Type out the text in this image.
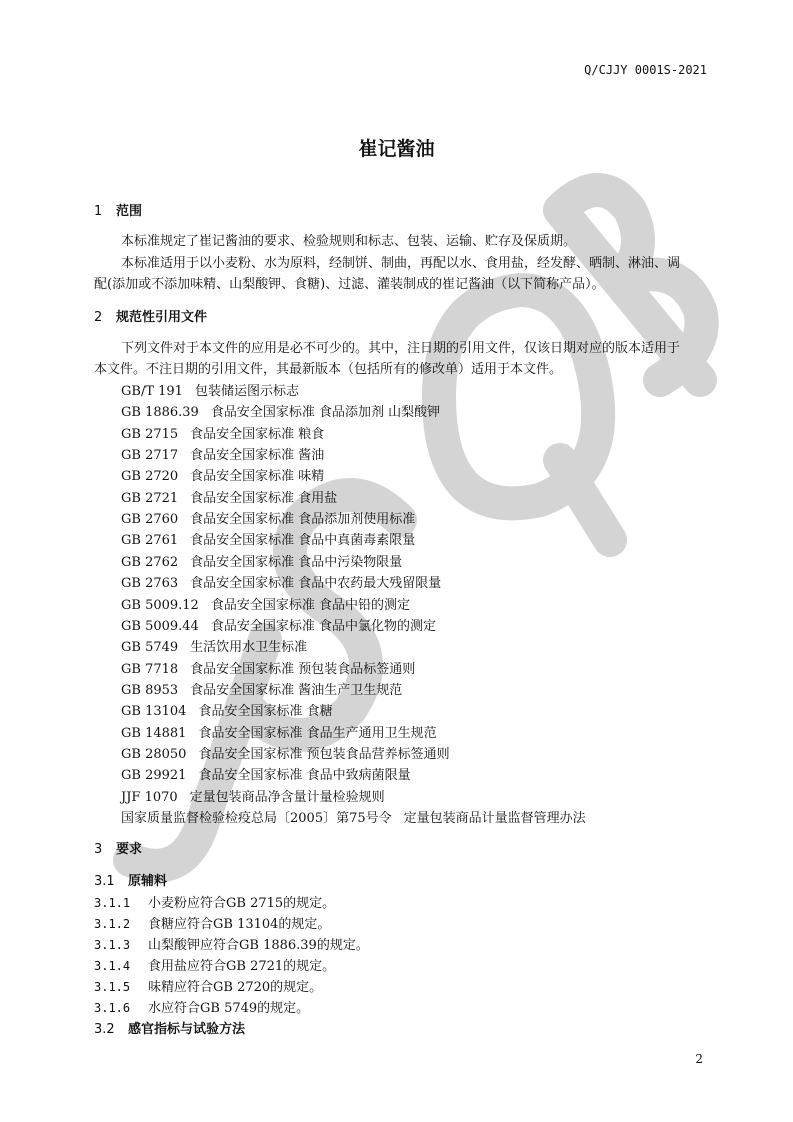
Q/CJJY 0001S-2021
崔记酱油
1 范围
本标准规定了崔记酱油的要求、检验规则和标志、包装、运输、贮存及保质期。
本标准适用于以小麦粉、水为原料，经制饼、制曲，再配以水、食用盐，经发酵、晒制、淋油、调
配(添加或不添加味精、山梨酸钾、食糖)、过滤、灌装制成的崔记酱油（以下简称产品）。
2 规范性引用文件
下列文件对于本文件的应用是必不可少的。其中，注日期的引用文件，仅该日期对应的版本适用于
本文件。不注日期的引用文件，其最新版本（包括所有的修改单）适用于本文件。
GB/T 191 包装储运图示标志
GB 1886.39 食品安全国家标准 食品添加剂 山梨酸钾
GB 2715 食品安全国家标准 粮食
GB 2717 食品安全国家标准 酱油
GB 2720 食品安全国家标准 味精
GB 2721 食品安全国家标准 食用盐
GB 2760 食品安全国家标准 食品添加剂使用标准
GB 2761 食品安全国家标准 食品中真菌毒素限量
GB 2762 食品安全国家标准 食品中污染物限量
GB 2763 食品安全国家标准 食品中农药最大残留限量
GB 5009.12 食品安全国家标准 食品中铅的测定
GB 5009.44 食品安全国家标准 食品中氯化物的测定
GB 5749 生活饮用水卫生标准
GB 7718 食品安全国家标准 预包装食品标签通则
GB 8953 食品安全国家标准 酱油生产卫生规范
GB 13104 食品安全国家标准 食糖
GB 14881 食品安全国家标准 食品生产通用卫生规范
GB 28050 食品安全国家标准 预包装食品营养标签通则
GB 29921 食品安全国家标准 食品中致病菌限量
JJF 1070 定量包装商品净含量计量检验规则
国家质量监督检验检疫总局〔2005〕第75号令 定量包装商品计量监督管理办法
3 要求
3.1 原辅料
3.1.1 小麦粉应符合GB 2715的规定。
3.1.2 食糖应符合GB 13104的规定。
3.1.3 山梨酸钾应符合GB 1886.39的规定。
3.1.4 食用盐应符合GB 2721的规定。
3.1.5 味精应符合GB 2720的规定。
3.1.6 水应符合GB 5749的规定。
3.2 感官指标与试验方法
2
